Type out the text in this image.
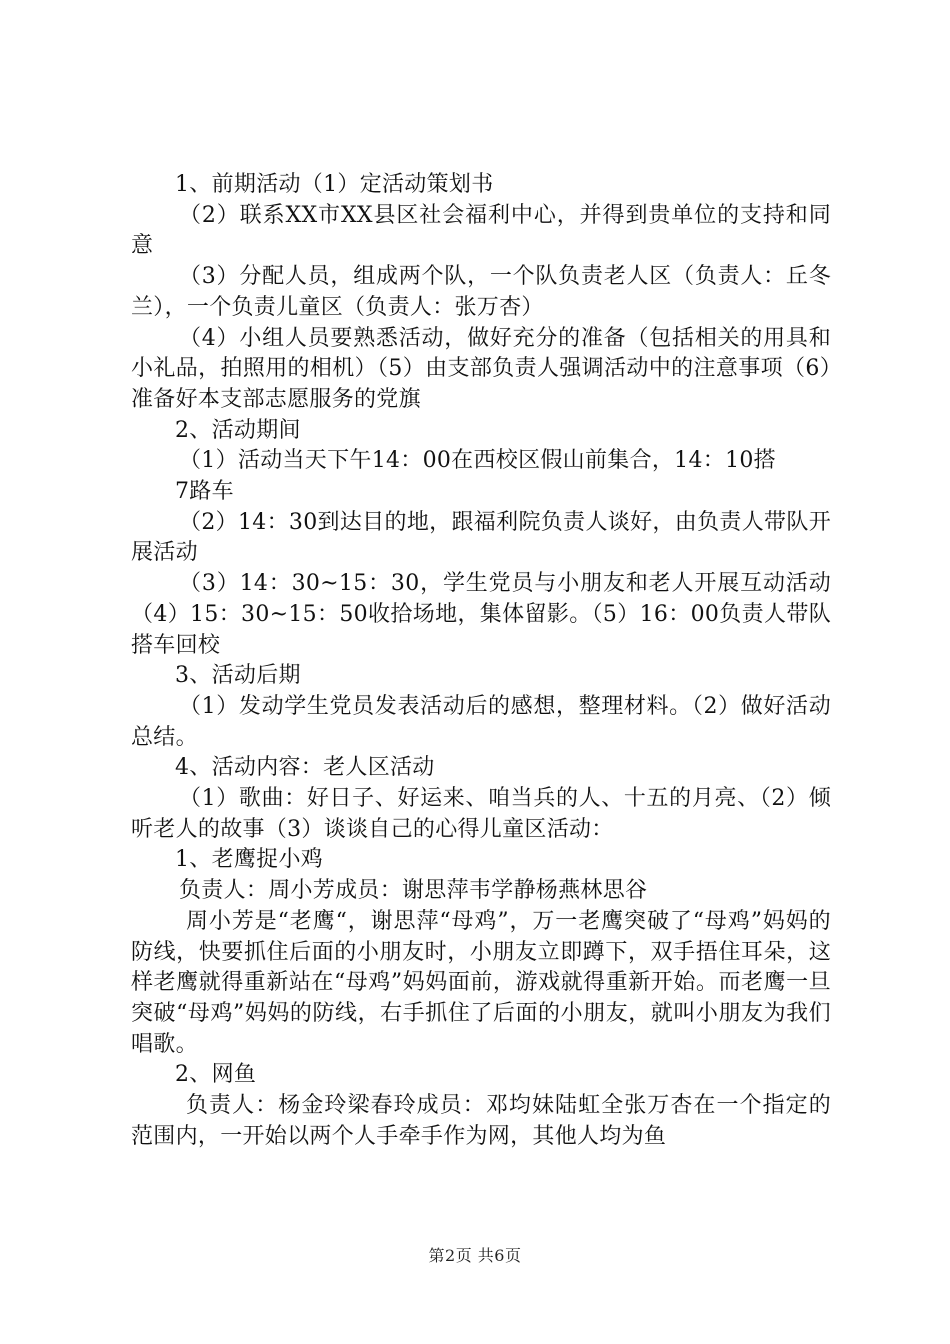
1、前期活动（1）定活动策划书

（2）联系XX市XX县区社会福利中心，并得到贵单位的支持和同意

（3）分配人员，组成两个队，一个队负责老人区（负责人：丘冬兰），一个负责儿童区（负责人：张万杏）

（4）小组人员要熟悉活动，做好充分的准备（包括相关的用具和小礼品，拍照用的相机）（5）由支部负责人强调活动中的注意事项（6）准备好本支部志愿服务的党旗

2、活动期间

（1）活动当天下午14：00在西校区假山前集合，14：10搭

7路车

（2）14：30到达目的地，跟福利院负责人谈好，由负责人带队开展活动

（3）14：30~15：30，学生党员与小朋友和老人开展互动活动（4）15：30~15：50收拾场地，集体留影。（5）16：00负责人带队搭车回校

3、活动后期

（1）发动学生党员发表活动后的感想，整理材料。（2）做好活动总结。

4、活动内容：老人区活动

（1）歌曲：好日子、好运来、咱当兵的人、十五的月亮、（2）倾听老人的故事（3）谈谈自己的心得儿童区活动：

1、老鹰捉小鸡

负责人：周小芳成员：谢思萍韦学静杨燕林思谷

周小芳是“老鹰“，谢思萍“母鸡”，万一老鹰突破了“母鸡”妈妈的防线，快要抓住后面的小朋友时，小朋友立即蹲下，双手捂住耳朵，这样老鹰就得重新站在“母鸡”妈妈面前，游戏就得重新开始。而老鹰一旦突破“母鸡”妈妈的防线，右手抓住了后面的小朋友，就叫小朋友为我们唱歌。

2、网鱼

负责人：杨金玲梁春玲成员：邓均妹陆虹全张万杏在一个指定的范围内，一开始以两个人手牵手作为网，其他人均为鱼

第2页 共6页
